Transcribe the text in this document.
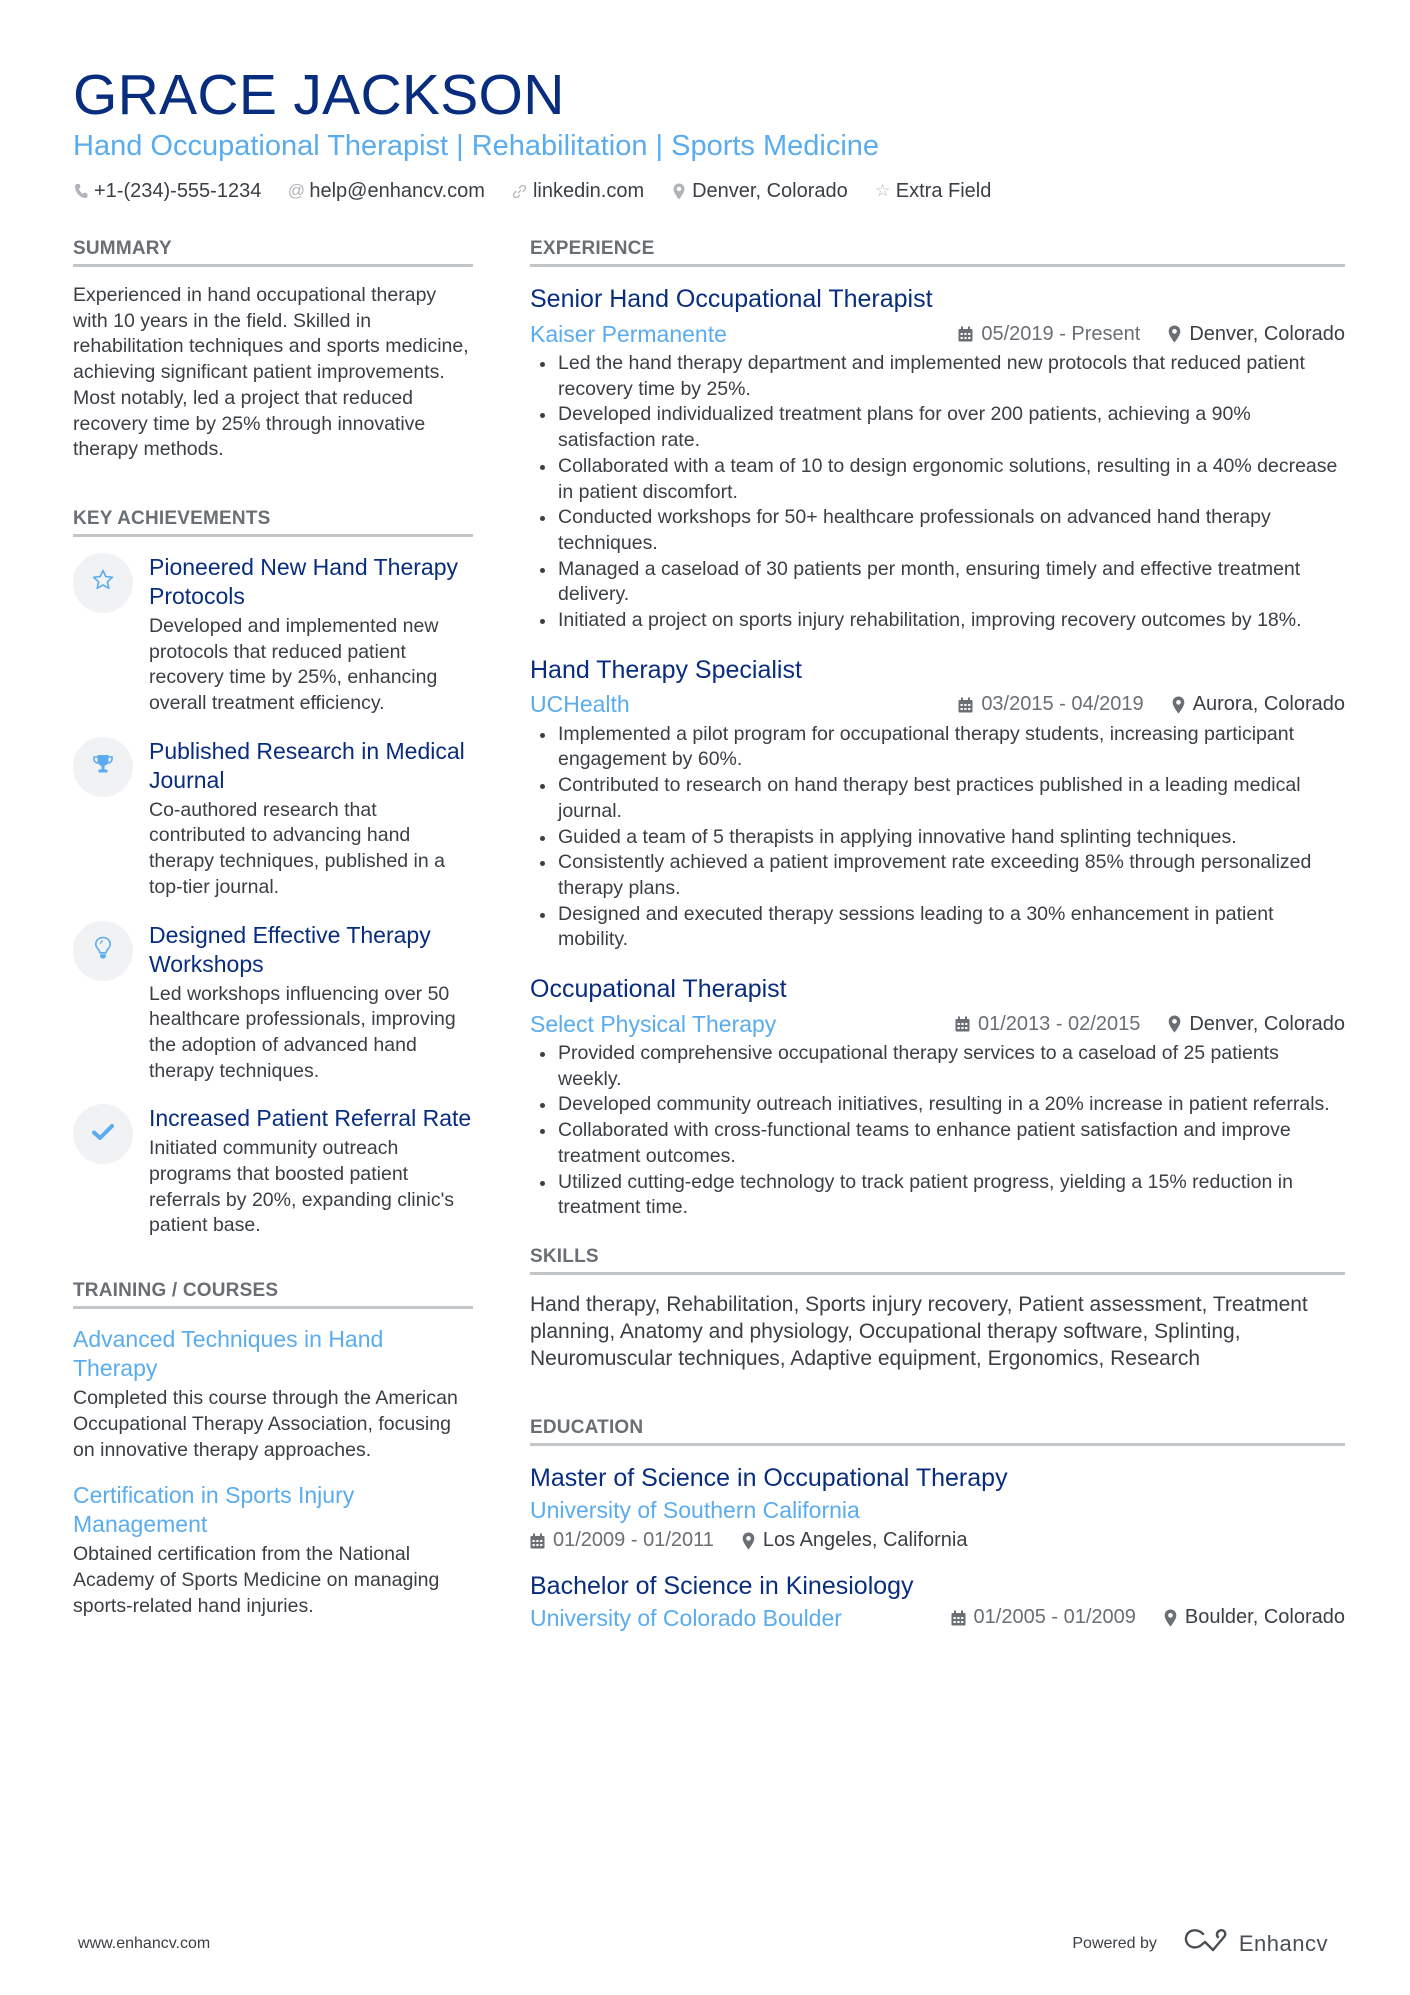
GRACE JACKSON
Hand Occupational Therapist | Rehabilitation | Sports Medicine
+1-(234)-555-1234 @ help@enhancv.com linkedin.com Denver, Colorado ☆ Extra Field
SUMMARY

Experienced in hand occupational therapy with 10 years in the field. Skilled in rehabilitation techniques and sports medicine, achieving significant patient improvements. Most notably, led a project that reduced recovery time by 25% through innovative therapy methods.

KEY ACHIEVEMENTS
Pioneered New Hand Therapy Protocols

Developed and implemented new protocols that reduced patient recovery time by 25%, enhancing overall treatment efficiency.

Published Research in Medical Journal

Co-authored research that contributed to advancing hand therapy techniques, published in a top-tier journal.

Designed Effective Therapy Workshops

Led workshops influencing over 50 healthcare professionals, improving the adoption of advanced hand therapy techniques.

Increased Patient Referral Rate

Initiated community outreach programs that boosted patient referrals by 20%, expanding clinic's patient base.

TRAINING / COURSES
Advanced Techniques in Hand Therapy

Completed this course through the American Occupational Therapy Association, focusing on innovative therapy approaches.

Certification in Sports Injury Management

Obtained certification from the National Academy of Sports Medicine on managing sports-related hand injuries.

EXPERIENCE
Senior Hand Occupational Therapist
Kaiser Permanente	05/2019 - Present Denver, Colorado
Led the hand therapy department and implemented new protocols that reduced patient recovery time by 25%.
Developed individualized treatment plans for over 200 patients, achieving a 90% satisfaction rate.
Collaborated with a team of 10 to design ergonomic solutions, resulting in a 40% decrease in patient discomfort.
Conducted workshops for 50+ healthcare professionals on advanced hand therapy techniques.
Managed a caseload of 30 patients per month, ensuring timely and effective treatment delivery.
Initiated a project on sports injury rehabilitation, improving recovery outcomes by 18%.
Hand Therapy Specialist
UCHealth	03/2015 - 04/2019 Aurora, Colorado
Implemented a pilot program for occupational therapy students, increasing participant engagement by 60%.
Contributed to research on hand therapy best practices published in a leading medical journal.
Guided a team of 5 therapists in applying innovative hand splinting techniques.
Consistently achieved a patient improvement rate exceeding 85% through personalized therapy plans.
Designed and executed therapy sessions leading to a 30% enhancement in patient mobility.
Occupational Therapist
Select Physical Therapy	01/2013 - 02/2015 Denver, Colorado
Provided comprehensive occupational therapy services to a caseload of 25 patients weekly.
Developed community outreach initiatives, resulting in a 20% increase in patient referrals.
Collaborated with cross-functional teams to enhance patient satisfaction and improve treatment outcomes.
Utilized cutting-edge technology to track patient progress, yielding a 15% reduction in treatment time.
SKILLS

Hand therapy, Rehabilitation, Sports injury recovery, Patient assessment, Treatment planning, Anatomy and physiology, Occupational therapy software, Splinting, Neuromuscular techniques, Adaptive equipment, Ergonomics, Research

EDUCATION
Master of Science in Occupational Therapy
University of Southern California
01/2009 - 01/2011 Los Angeles, California
Bachelor of Science in Kinesiology
University of Colorado Boulder	01/2005 - 01/2009 Boulder, Colorado
www.enhancv.com	Powered by	Enhancv
